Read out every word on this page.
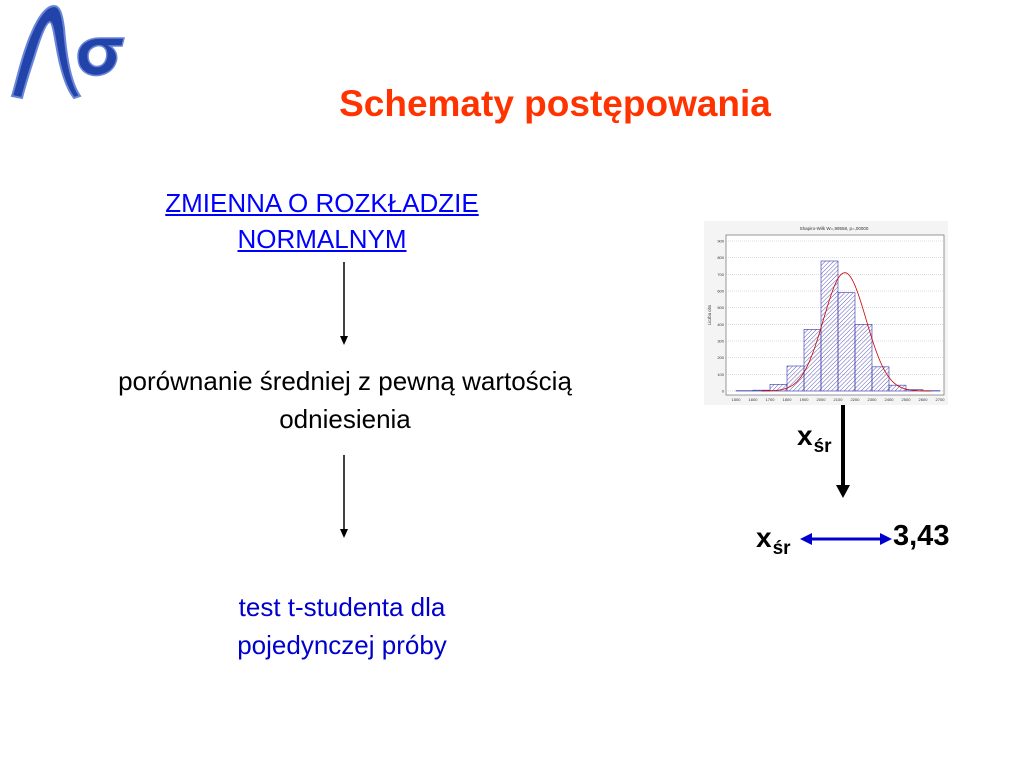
Schematy postępowania
ZMIENNA O ROZKŁADZIE
NORMALNYM
porównanie średniej z pewną wartością
odniesienia
test t-studenta dla
pojedynczej próby
Shapiro-Wilk W=,99558, p=,00000
Liczba obs
1500 1600 1700 1800 1900 2000 2100 2200 2300 2400 2500 2600 2700
0
100
200
300
400
500
600
700
800
900
$x_{śr}$
$x_{śr}$	3,43
